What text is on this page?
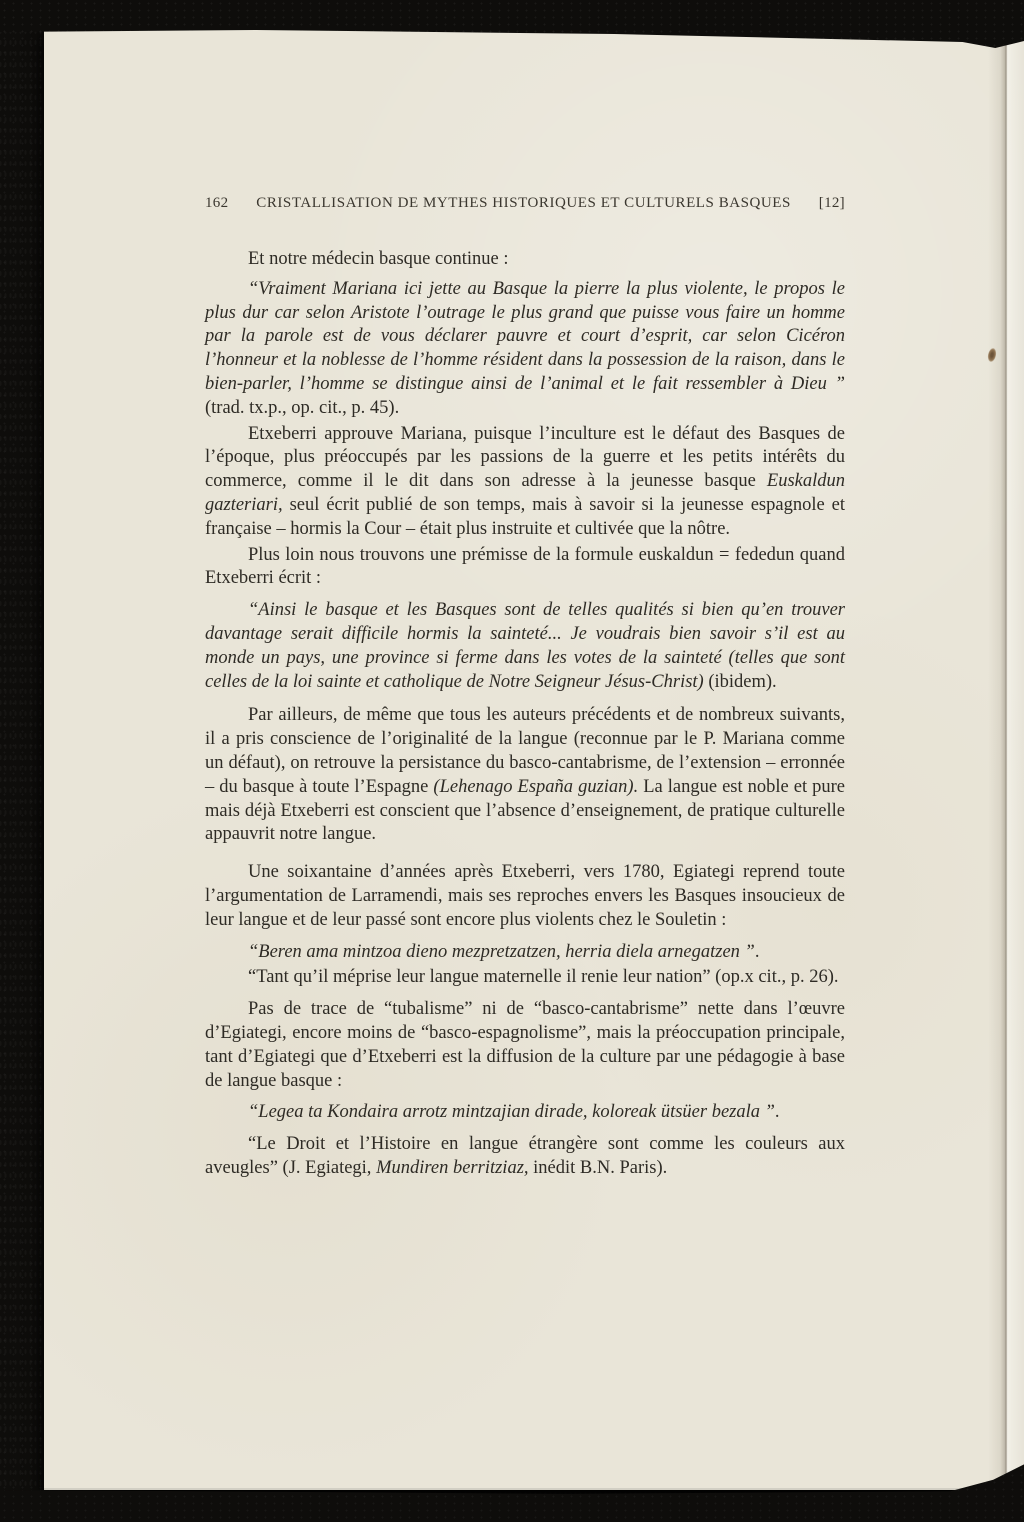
162 CRISTALLISATION DE MYTHES HISTORIQUES ET CULTURELS BASQUES [12]

Et notre médecin basque continue :

“Vraiment Mariana ici jette au Basque la pierre la plus violente, le propos le plus dur car selon Aristote l’outrage le plus grand que puisse vous faire un homme par la parole est de vous déclarer pauvre et court d’esprit, car selon Cicéron l’honneur et la noblesse de l’homme résident dans la possession de la raison, dans le bien-parler, l’homme se distingue ainsi de l’animal et le fait ressembler à Dieu ” (trad. tx.p., op. cit., p. 45).

Etxeberri approuve Mariana, puisque l’inculture est le défaut des Basques de l’époque, plus préoccupés par les passions de la guerre et les petits intérêts du commerce, comme il le dit dans son adresse à la jeunesse basque Euskaldun gazteriari, seul écrit publié de son temps, mais à savoir si la jeunesse espagnole et française – hormis la Cour – était plus instruite et cultivée que la nôtre.

Plus loin nous trouvons une prémisse de la formule euskaldun = fededun quand Etxeberri écrit :

“Ainsi le basque et les Basques sont de telles qualités si bien qu’en trouver davantage serait difficile hormis la sainteté... Je voudrais bien savoir s’il est au monde un pays, une province si ferme dans les votes de la sainteté (telles que sont celles de la loi sainte et catholique de Notre Seigneur Jésus-Christ) (ibidem).

Par ailleurs, de même que tous les auteurs précédents et de nombreux suivants, il a pris conscience de l’originalité de la langue (reconnue par le P. Mariana comme un défaut), on retrouve la persistance du basco-cantabrisme, de l’extension – erronnée – du basque à toute l’Espagne (Lehenago España guzian). La langue est noble et pure mais déjà Etxeberri est conscient que l’absence d’enseignement, de pratique culturelle appauvrit notre langue.

Une soixantaine d’années après Etxeberri, vers 1780, Egiategi reprend toute l’argumentation de Larramendi, mais ses reproches envers les Basques insoucieux de leur langue et de leur passé sont encore plus violents chez le Souletin :

“Beren ama mintzoa dieno mezpretzatzen, herria diela arnegatzen ”.

“Tant qu’il méprise leur langue maternelle il renie leur nation” (op.x cit., p. 26).

Pas de trace de “tubalisme” ni de “basco-cantabrisme” nette dans l’œuvre d’Egiategi, encore moins de “basco-espagnolisme”, mais la préoccupation principale, tant d’Egiategi que d’Etxeberri est la diffusion de la culture par une pédagogie à base de langue basque :

“Legea ta Kondaira arrotz mintzajian dirade, koloreak ütsüer bezala ”.

“Le Droit et l’Histoire en langue étrangère sont comme les couleurs aux aveugles” (J. Egiategi, Mundiren berritziaz, inédit B.N. Paris).
